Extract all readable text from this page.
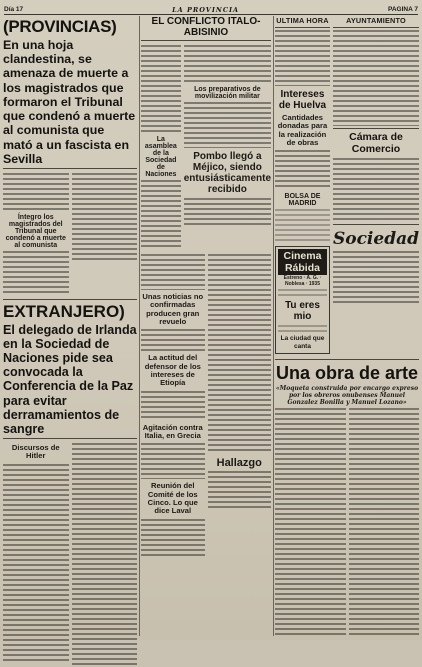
Día 17	LA PROVINCIA	PAGINA 7
(PROVINCIAS)
En una hoja clandestina, se amenaza de muerte a los magistrados que formaron el Tribunal que condenó a muerte al comunista que mató a un fascista en Sevilla
Íntegro los magistrados del Tribunal que condenó a muerte al comunista
EXTRANJERO)
El delegado de Irlanda en la Sociedad de Naciones pide sea convocada la Conferencia de la Paz para evitar derramamientos de sangre
Discursos de Hitler
EL CONFLICTO ITALO-ABISINIO
La asamblea de la Sociedad de Naciones
Los preparativos de movilización militar
Pombo llegó a Méjico, siendo entusiásticamente recibido
Unas noticias no confirmadas producen gran revuelo
La actitud del defensor de los intereses de Etiopía
Agitación contra Italia, en Grecia
Reunión del Comité de los Cinco. Lo que dice Laval
Hallazgo
ULTIMA HORA
Intereses de Huelva
Cantidades donadas para la realización de obras
BOLSA DE MADRID
Cinema Rábida
Estreno · A. G. · Noblesa · 1935
Tu eres mio
La ciudad que canta
AYUNTAMIENTO
Cámara de Comercio
Sociedad
Una obra de arte
«Moqueta construida por encargo expreso por los obreros onubenses Manuel Gonzalez Bonilla y Manuel Lozano»
